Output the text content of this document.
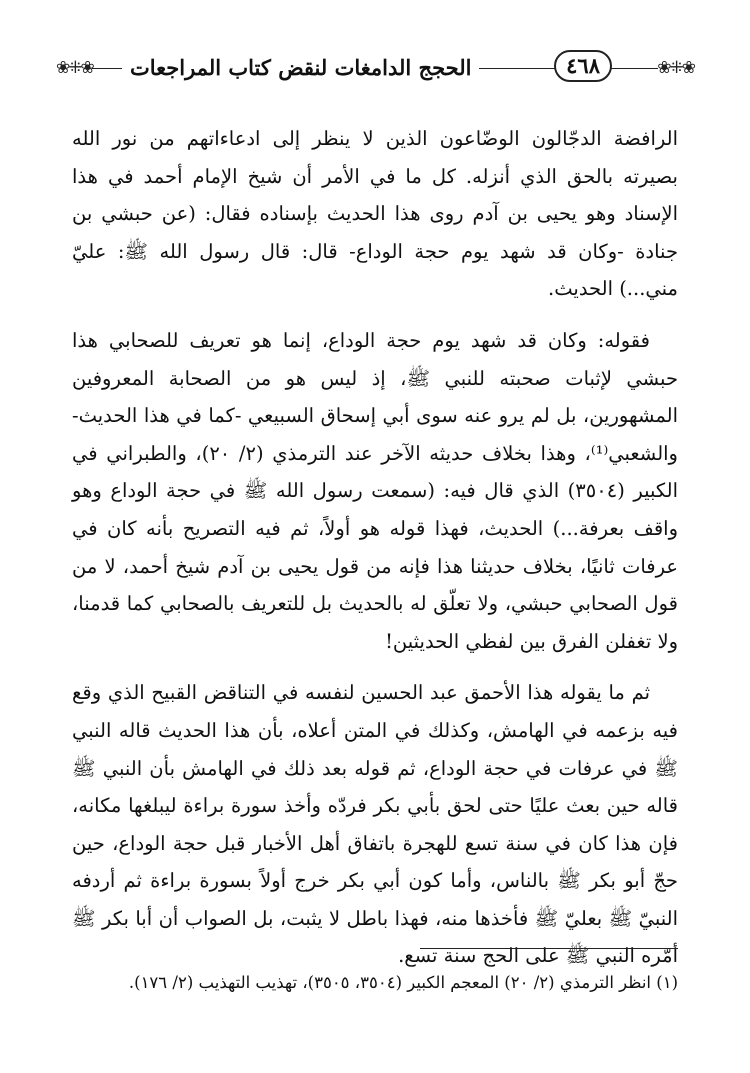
❀⁜❀
٤٦٨
الحجج الدامغات لنقض كتاب المراجعات
❀⁜❀

الرافضة الدجّالون الوضّاعون الذين لا ينظر إلى ادعاءاتهم من نور الله بصيرته بالحق الذي أنزله. كل ما في الأمر أن شيخ الإمام أحمد في هذا الإسناد وهو يحيى بن آدم روى هذا الحديث بإسناده فقال: (عن حبشي بن جنادة -وكان قد شهد يوم حجة الوداع- قال: قال رسول الله ﷺ: عليّ مني...) الحديث.

فقوله: وكان قد شهد يوم حجة الوداع، إنما هو تعريف للصحابي هذا حبشي لإثبات صحبته للنبي ﷺ، إذ ليس هو من الصحابة المعروفين المشهورين، بل لم يرو عنه سوى أبي إسحاق السبيعي -كما في هذا الحديث- والشعبي⁽¹⁾، وهذا بخلاف حديثه الآخر عند الترمذي (٢/ ٢٠)، والطبراني في الكبير (٣٥٠٤) الذي قال فيه: (سمعت رسول الله ﷺ في حجة الوداع وهو واقف بعرفة...) الحديث، فهذا قوله هو أولاً، ثم فيه التصريح بأنه كان في عرفات ثانيًا، بخلاف حديثنا هذا فإنه من قول يحيى بن آدم شيخ أحمد، لا من قول الصحابي حبشي، ولا تعلّق له بالحديث بل للتعريف بالصحابي كما قدمنا، ولا تغفلن الفرق بين لفظي الحديثين!

ثم ما يقوله هذا الأحمق عبد الحسين لنفسه في التناقض القبيح الذي وقع فيه بزعمه في الهامش، وكذلك في المتن أعلاه، بأن هذا الحديث قاله النبي ﷺ في عرفات في حجة الوداع، ثم قوله بعد ذلك في الهامش بأن النبي ﷺ قاله حين بعث عليًا حتى لحق بأبي بكر فردّه وأخذ سورة براءة ليبلغها مكانه، فإن هذا كان في سنة تسع للهجرة باتفاق أهل الأخبار قبل حجة الوداع، حين حجّ أبو بكر ﷺ بالناس، وأما كون أبي بكر خرج أولاً بسورة براءة ثم أردفه النبيّ ﷺ بعليّ ﷺ فأخذها منه، فهذا باطل لا يثبت، بل الصواب أن أبا بكر ﷺ أمّره النبي ﷺ على الحج سنة تسع.

(١) انظر الترمذي (٢/ ٢٠) المعجم الكبير (٣٥٠٤، ٣٥٠٥)، تهذيب التهذيب (٢/ ١٧٦).
